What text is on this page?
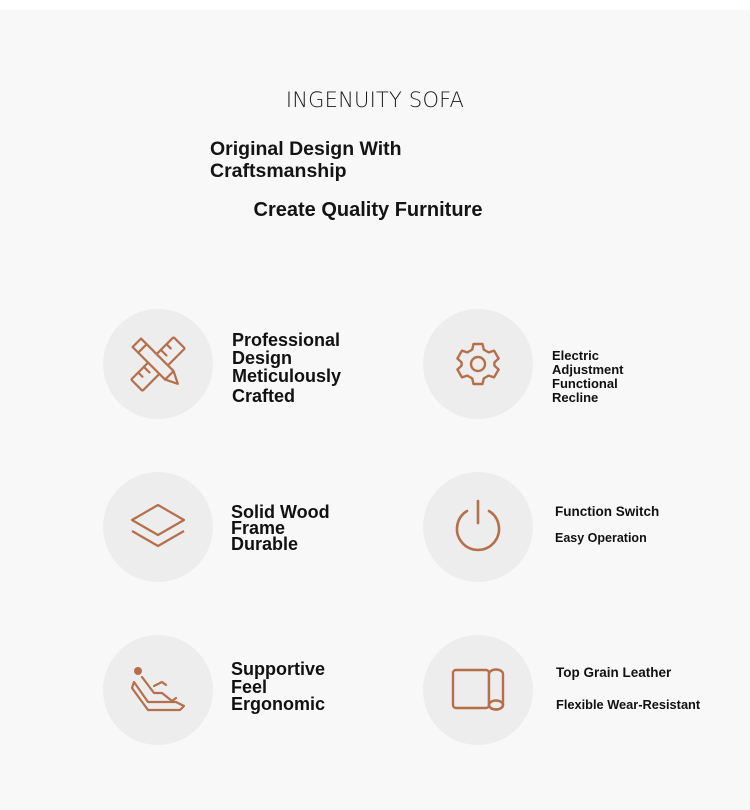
INGENUITY SOFA
Original Design With
Craftsmanship
Create Quality Furniture
Professional
Design
Meticulously
Crafted
Electric
Adjustment
Functional
Recline
Solid Wood
Frame
Durable
Function Switch
Easy Operation
Supportive
Feel
Ergonomic
Top Grain Leather
Flexible Wear-Resistant
